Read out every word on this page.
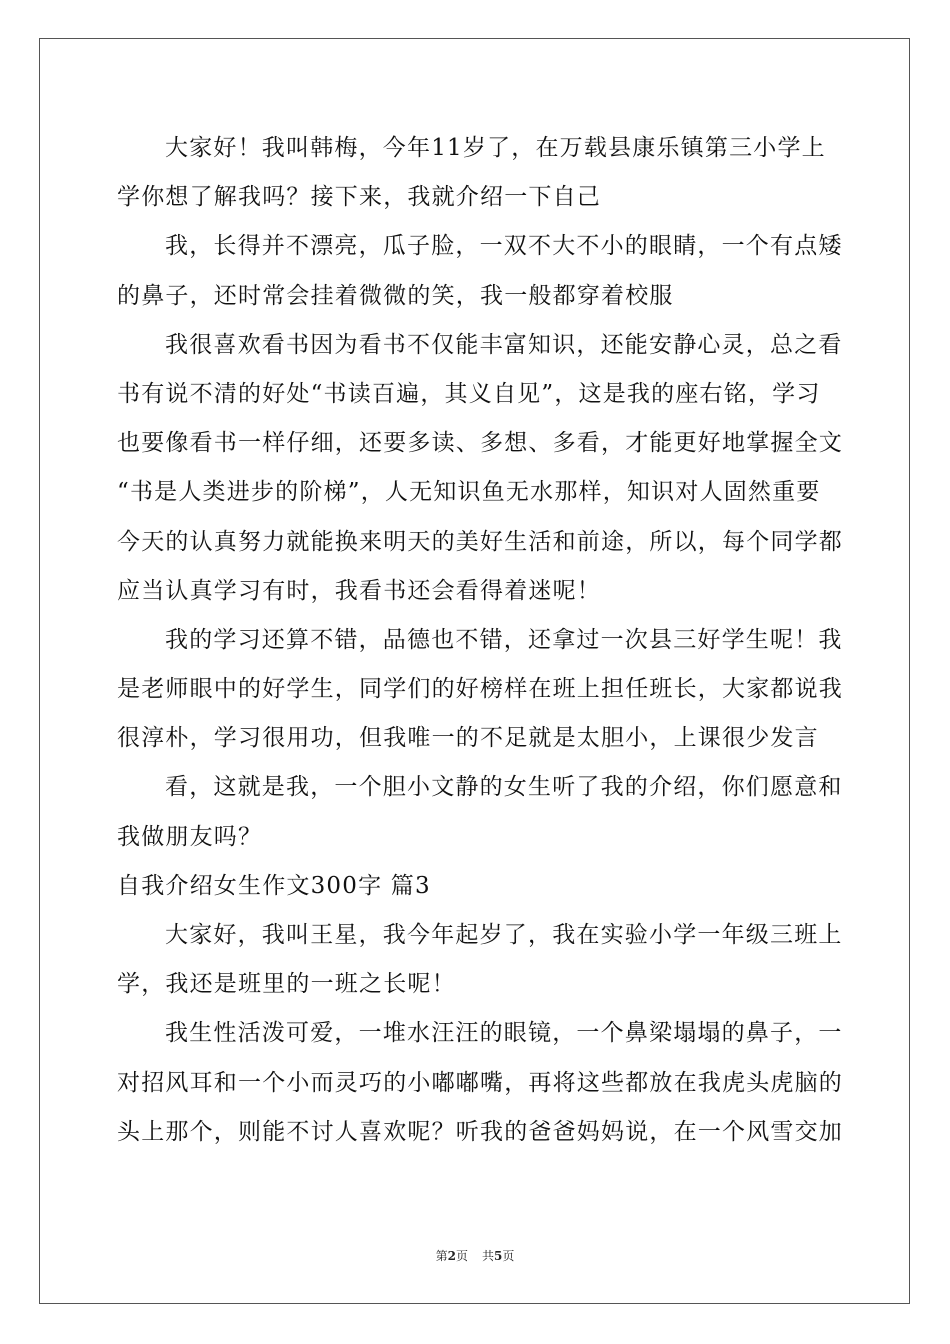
大家好！我叫韩梅，今年11岁了，在万载县康乐镇第三小学上
学你想了解我吗？接下来，我就介绍一下自己
我，长得并不漂亮，瓜子脸，一双不大不小的眼睛，一个有点矮
的鼻子，还时常会挂着微微的笑，我一般都穿着校服
我很喜欢看书因为看书不仅能丰富知识，还能安静心灵，总之看
书有说不清的好处“书读百遍，其义自见”，这是我的座右铭，学习
也要像看书一样仔细，还要多读、多想、多看，才能更好地掌握全文
“书是人类进步的阶梯”，人无知识鱼无水那样，知识对人固然重要
今天的认真努力就能换来明天的美好生活和前途，所以，每个同学都
应当认真学习有时，我看书还会看得着迷呢！
我的学习还算不错，品德也不错，还拿过一次县三好学生呢！我
是老师眼中的好学生，同学们的好榜样在班上担任班长，大家都说我
很淳朴，学习很用功，但我唯一的不足就是太胆小，上课很少发言
看，这就是我，一个胆小文静的女生听了我的介绍，你们愿意和
我做朋友吗？
自我介绍女生作文300字 篇3
大家好，我叫王星，我今年起岁了，我在实验小学一年级三班上
学，我还是班里的一班之长呢！
我生性活泼可爱，一堆水汪汪的眼镜，一个鼻梁塌塌的鼻子，一
对招风耳和一个小而灵巧的小嘟嘟嘴，再将这些都放在我虎头虎脑的
头上那个，则能不讨人喜欢呢？听我的爸爸妈妈说，在一个风雪交加
第2页 共5页
